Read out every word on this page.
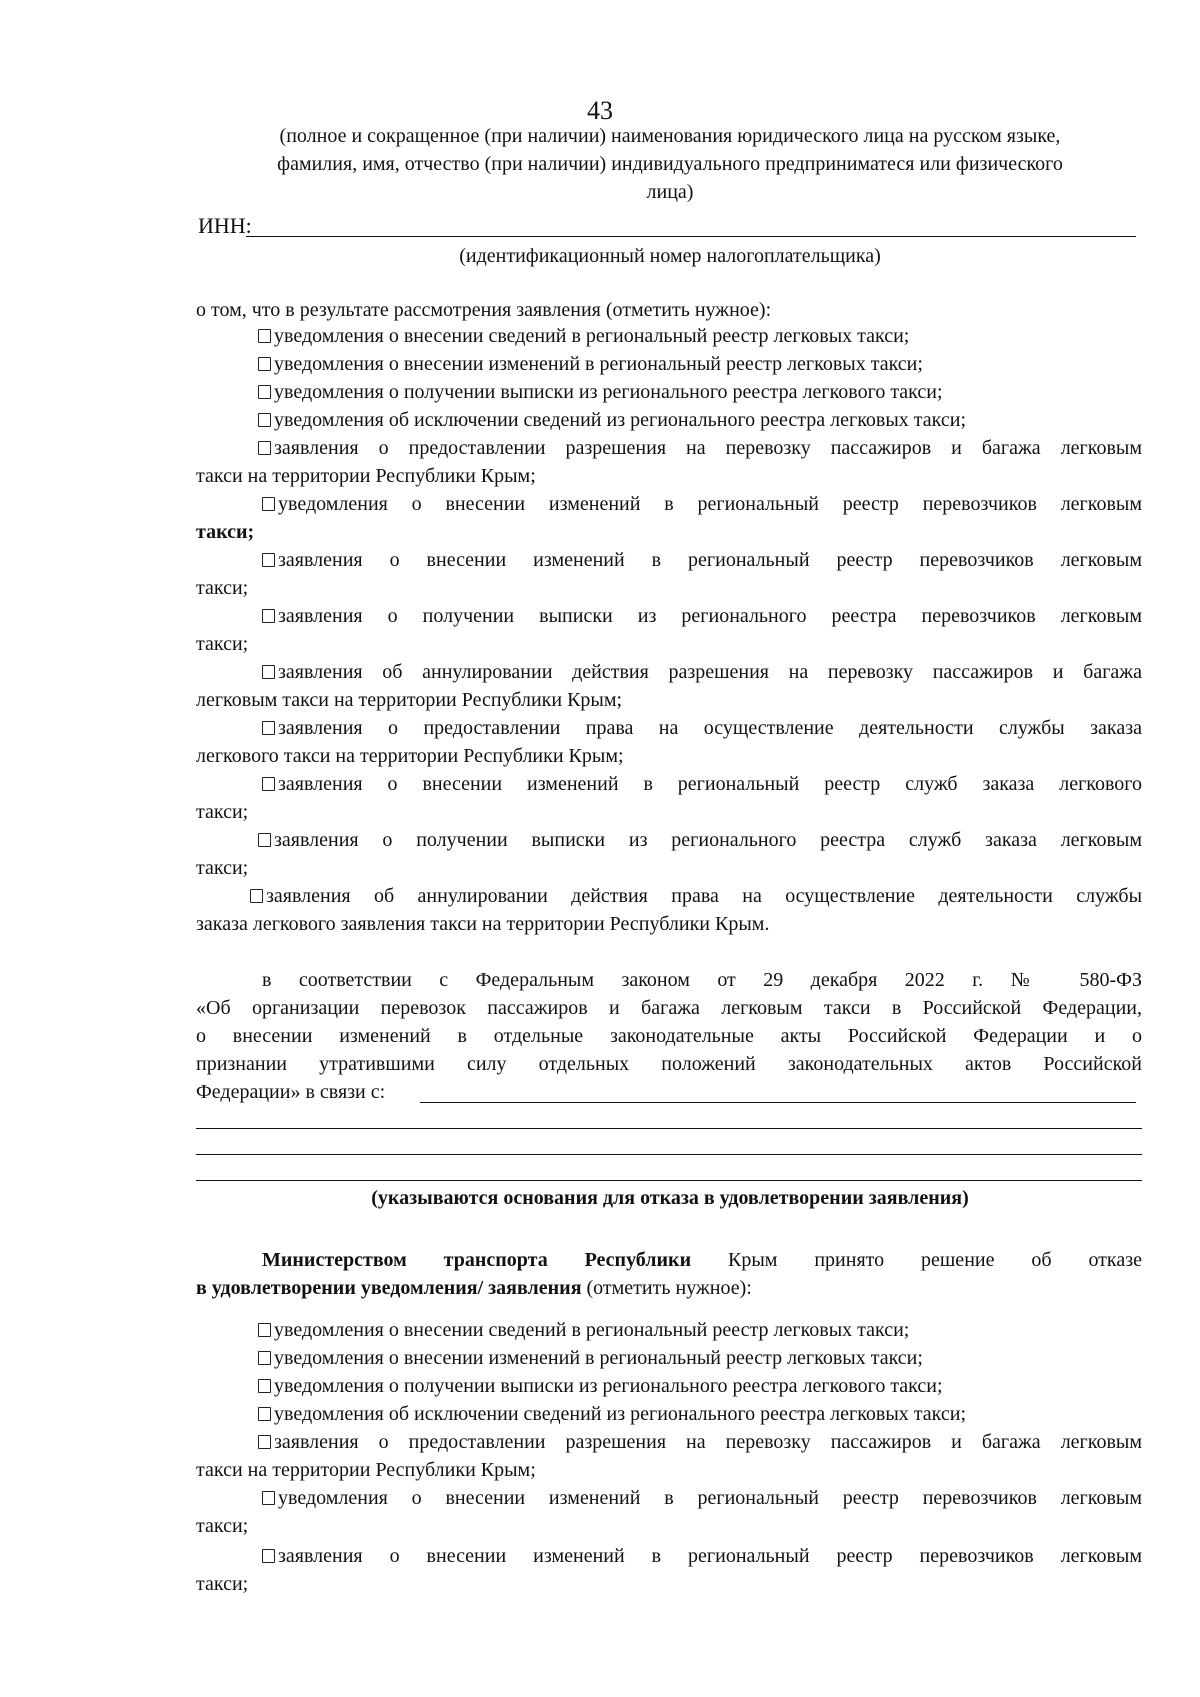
43
(полное и сокращенное (при наличии) наименования юридического лица на русском языке,
фамилия, имя, отчество (при наличии) индивидуального предприниматеся или физического
лица)
ИНН:
(идентификационный номер налогоплательщика)
о том, что в результате рассмотрения заявления (отметить нужное):
уведомления о внесении сведений в региональный реестр легковых такси;
уведомления о внесении изменений в региональный реестр легковых такси;
уведомления о получении выписки из регионального реестра легкового такси;
уведомления об исключении сведений из регионального реестра легковых такси;
заявления о предоставлении разрешения на перевозку пассажиров и багажа легковым
такси на территории Республики Крым;
уведомления о внесении изменений в региональный реестр перевозчиков легковым
такси;
заявления о внесении изменений в региональный реестр перевозчиков легковым
такси;
заявления о получении выписки из регионального реестра перевозчиков легковым
такси;
заявления об аннулировании действия разрешения на перевозку пассажиров и багажа
легковым такси на территории Республики Крым;
заявления о предоставлении права на осуществление деятельности службы заказа
легкового такси на территории Республики Крым;
заявления о внесении изменений в региональный реестр служб заказа легкового
такси;
заявления о получении выписки из регионального реестра служб заказа легковым
такси;
заявления об аннулировании действия права на осуществление деятельности службы
заказа легкового заявления такси на территории Республики Крым.
в соответствии с Федеральным законом от 29 декабря 2022 г. № 580-ФЗ
«Об организации перевозок пассажиров и багажа легковым такси в Российской Федерации,
о внесении изменений в отдельные законодательные акты Российской Федерации и о
признании утратившими силу отдельных положений законодательных актов Российской
Федерации» в связи с:
(указываются основания для отказа в удовлетворении заявления)
Министерством транспорта Республики Крым принято решение об отказе
в удовлетворении уведомления/ заявления (отметить нужное):
уведомления о внесении сведений в региональный реестр легковых такси;
уведомления о внесении изменений в региональный реестр легковых такси;
уведомления о получении выписки из регионального реестра легкового такси;
уведомления об исключении сведений из регионального реестра легковых такси;
заявления о предоставлении разрешения на перевозку пассажиров и багажа легковым
такси на территории Республики Крым;
уведомления о внесении изменений в региональный реестр перевозчиков легковым
такси;
заявления о внесении изменений в региональный реестр перевозчиков легковым
такси;
